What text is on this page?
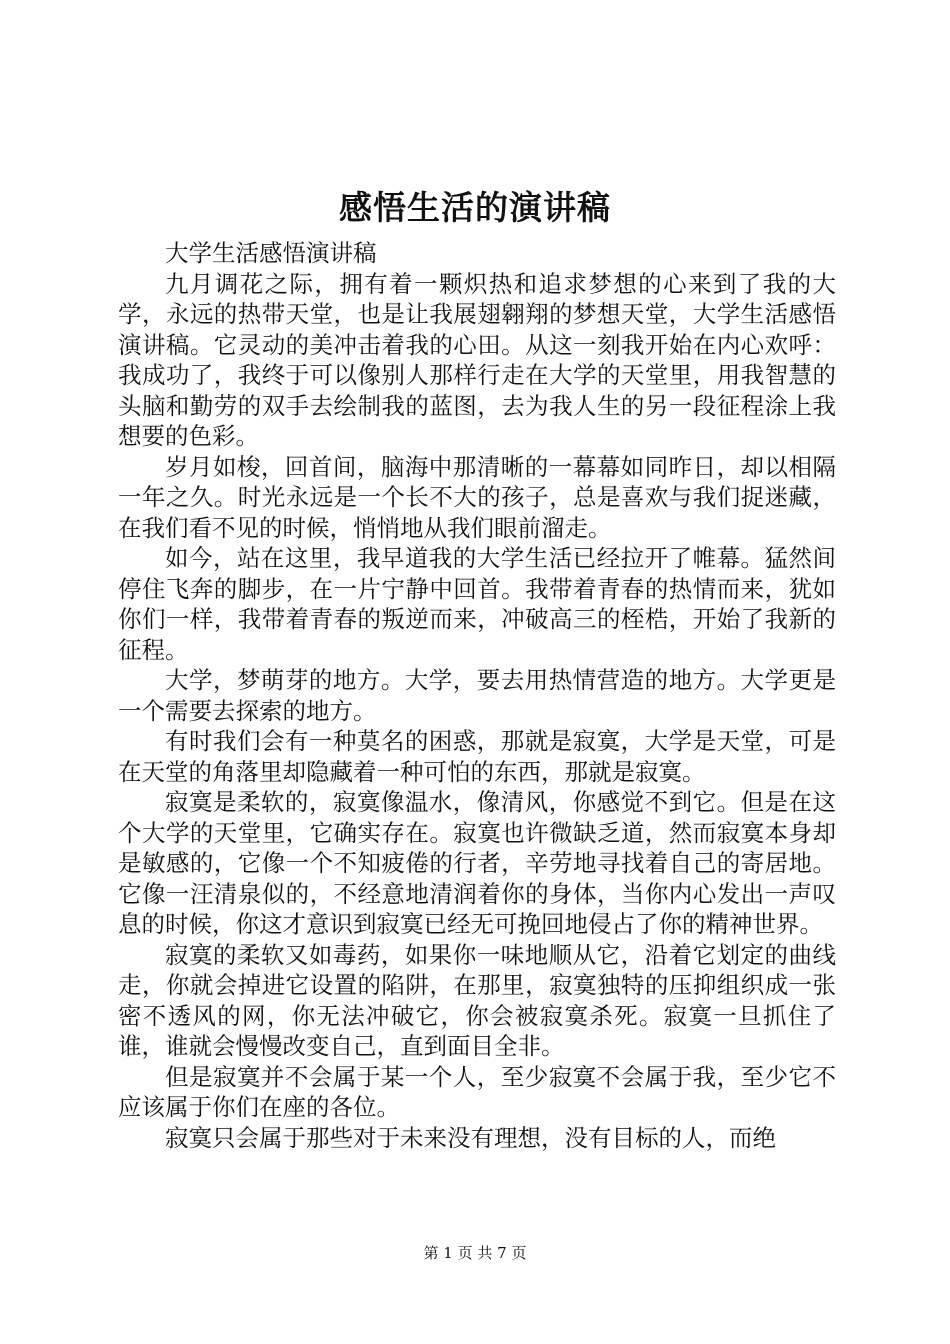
感悟生活的演讲稿

大学生活感悟演讲稿

九月调花之际，拥有着一颗炽热和追求梦想的心来到了我的大学，永远的热带天堂，也是让我展翅翱翔的梦想天堂，大学生活感悟演讲稿。它灵动的美冲击着我的心田。从这一刻我开始在内心欢呼：我成功了，我终于可以像别人那样行走在大学的天堂里，用我智慧的头脑和勤劳的双手去绘制我的蓝图，去为我人生的另一段征程涂上我想要的色彩。

岁月如梭，回首间，脑海中那清晰的一幕幕如同昨日，却以相隔一年之久。时光永远是一个长不大的孩子，总是喜欢与我们捉迷藏，在我们看不见的时候，悄悄地从我们眼前溜走。

如今，站在这里，我早道我的大学生活已经拉开了帷幕。猛然间停住飞奔的脚步，在一片宁静中回首。我带着青春的热情而来，犹如你们一样，我带着青春的叛逆而来，冲破高三的桎梏，开始了我新的征程。

大学，梦萌芽的地方。大学，要去用热情营造的地方。大学更是一个需要去探索的地方。

有时我们会有一种莫名的困惑，那就是寂寞，大学是天堂，可是在天堂的角落里却隐藏着一种可怕的东西，那就是寂寞。

寂寞是柔软的，寂寞像温水，像清风，你感觉不到它。但是在这个大学的天堂里，它确实存在。寂寞也许微缺乏道，然而寂寞本身却是敏感的，它像一个不知疲倦的行者，辛劳地寻找着自己的寄居地。它像一汪清泉似的，不经意地清润着你的身体，当你内心发出一声叹息的时候，你这才意识到寂寞已经无可挽回地侵占了你的精神世界。

寂寞的柔软又如毒药，如果你一味地顺从它，沿着它划定的曲线走，你就会掉进它设置的陷阱，在那里，寂寞独特的压抑组织成一张密不透风的网，你无法冲破它，你会被寂寞杀死。寂寞一旦抓住了谁，谁就会慢慢改变自己，直到面目全非。

但是寂寞并不会属于某一个人，至少寂寞不会属于我，至少它不应该属于你们在座的各位。

寂寞只会属于那些对于未来没有理想，没有目标的人，而绝

第 1 页 共 7 页
